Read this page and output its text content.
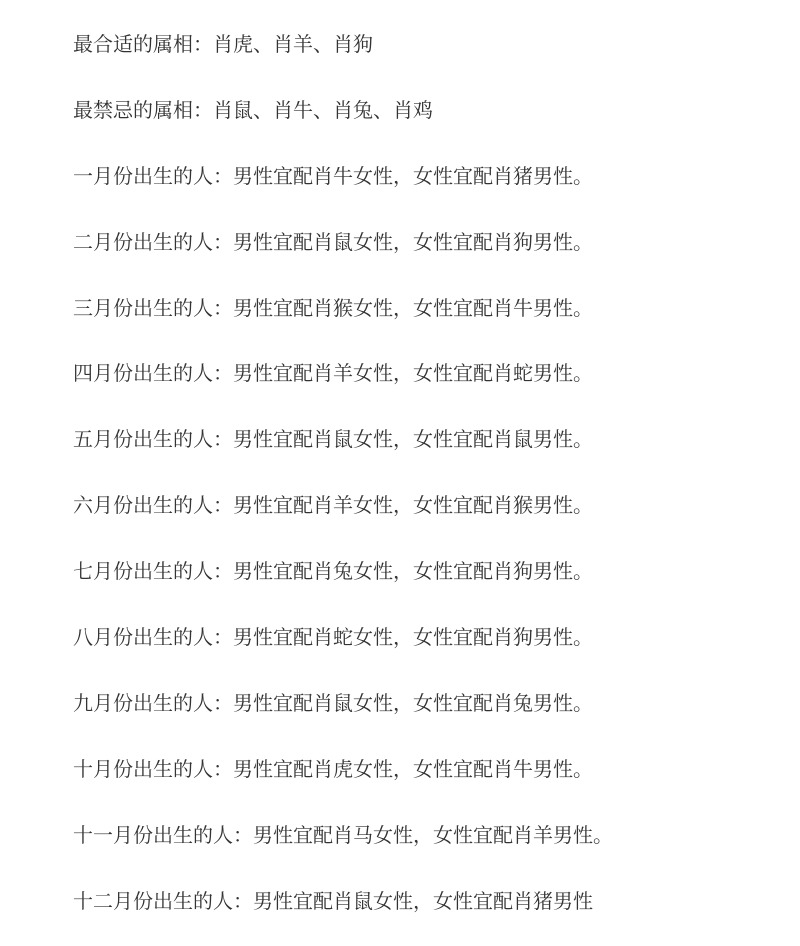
最合适的属相：肖虎、肖羊、肖狗
最禁忌的属相：肖鼠、肖牛、肖兔、肖鸡
一月份出生的人：男性宜配肖牛女性，女性宜配肖猪男性。
二月份出生的人：男性宜配肖鼠女性，女性宜配肖狗男性。
三月份出生的人：男性宜配肖猴女性，女性宜配肖牛男性。
四月份出生的人：男性宜配肖羊女性，女性宜配肖蛇男性。
五月份出生的人：男性宜配肖鼠女性，女性宜配肖鼠男性。
六月份出生的人：男性宜配肖羊女性，女性宜配肖猴男性。
七月份出生的人：男性宜配肖兔女性，女性宜配肖狗男性。
八月份出生的人：男性宜配肖蛇女性，女性宜配肖狗男性。
九月份出生的人：男性宜配肖鼠女性，女性宜配肖兔男性。
十月份出生的人：男性宜配肖虎女性，女性宜配肖牛男性。
十一月份出生的人：男性宜配肖马女性，女性宜配肖羊男性。
十二月份出生的人：男性宜配肖鼠女性，女性宜配肖猪男性
